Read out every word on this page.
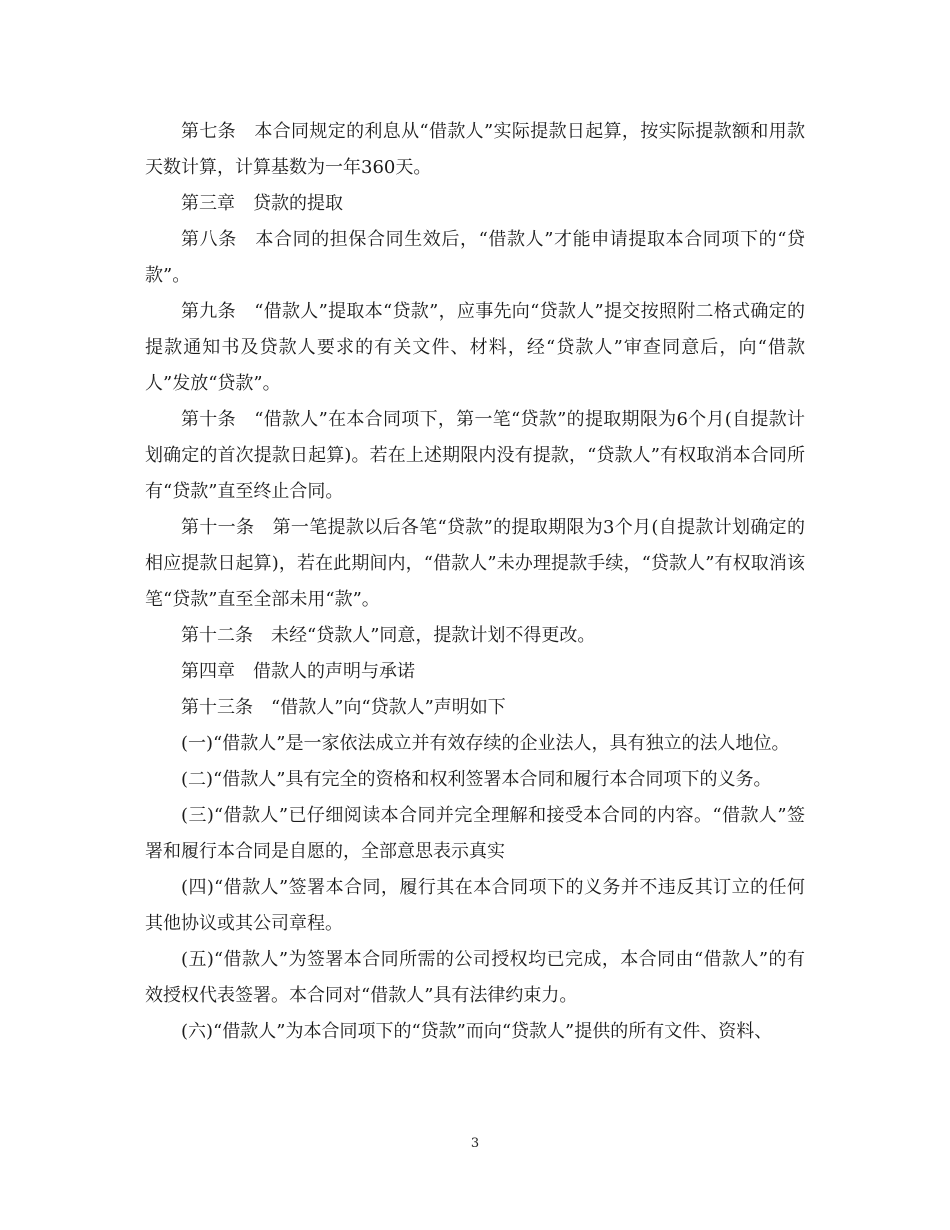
第七条　本合同规定的利息从“借款人”实际提款日起算，按实际提款额和用款天数计算，计算基数为一年360天。

第三章　贷款的提取

第八条　本合同的担保合同生效后，“借款人”才能申请提取本合同项下的“贷款”。

第九条　“借款人”提取本“贷款”，应事先向“贷款人”提交按照附二格式确定的提款通知书及贷款人要求的有关文件、材料，经“贷款人”审查同意后，向“借款人”发放“贷款”。

第十条　“借款人”在本合同项下，第一笔“贷款”的提取期限为6个月(自提款计划确定的首次提款日起算)。若在上述期限内没有提款，“贷款人”有权取消本合同所有“贷款”直至终止合同。

第十一条　第一笔提款以后各笔“贷款”的提取期限为3个月(自提款计划确定的相应提款日起算)，若在此期间内，“借款人”未办理提款手续，“贷款人”有权取消该笔“贷款”直至全部未用“款”。

第十二条　未经“贷款人”同意，提款计划不得更改。

第四章　借款人的声明与承诺

第十三条　“借款人”向“贷款人”声明如下

(一)“借款人”是一家依法成立并有效存续的企业法人，具有独立的法人地位。

(二)“借款人”具有完全的资格和权利签署本合同和履行本合同项下的义务。

(三)“借款人”已仔细阅读本合同并完全理解和接受本合同的内容。“借款人”签署和履行本合同是自愿的，全部意思表示真实

(四)“借款人”签署本合同，履行其在本合同项下的义务并不违反其订立的任何其他协议或其公司章程。

(五)“借款人”为签署本合同所需的公司授权均已完成，本合同由“借款人”的有效授权代表签署。本合同对“借款人”具有法律约束力。

(六)“借款人”为本合同项下的“贷款”而向“贷款人”提供的所有文件、资料、

3
